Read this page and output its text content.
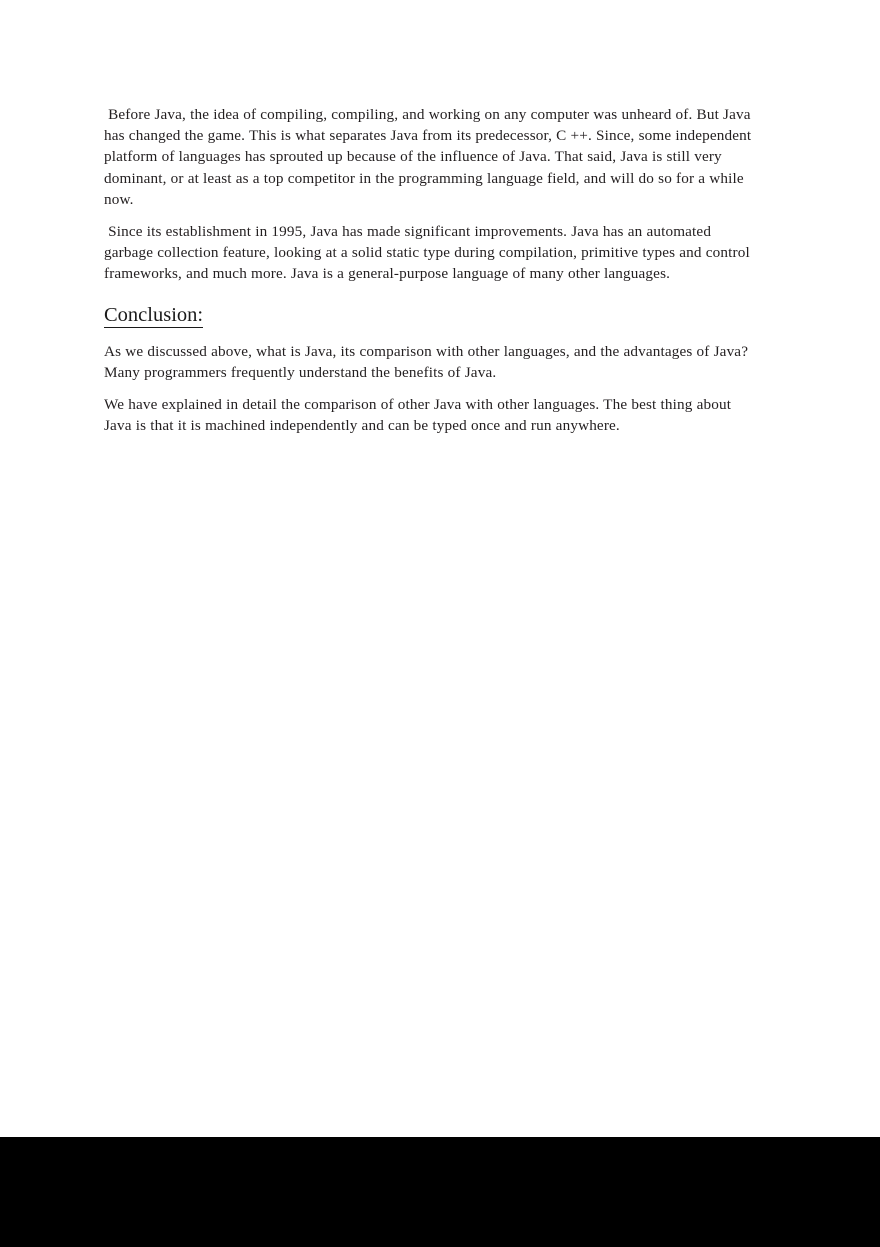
Before Java, the idea of compiling, compiling, and working on any computer was unheard of. But Java has changed the game. This is what separates Java from its predecessor, C ++. Since, some independent platform of languages has sprouted up because of the influence of Java. That said, Java is still very dominant, or at least as a top competitor in the programming language field, and will do so for a while now.

Since its establishment in 1995, Java has made significant improvements. Java has an automated garbage collection feature, looking at a solid static type during compilation, primitive types and control frameworks, and much more. Java is a general-purpose language of many other languages.

Conclusion:

As we discussed above, what is Java, its comparison with other languages, and the advantages of Java? Many programmers frequently understand the benefits of Java.

We have explained in detail the comparison of other Java with other languages. The best thing about Java is that it is machined independently and can be typed once and run anywhere.
